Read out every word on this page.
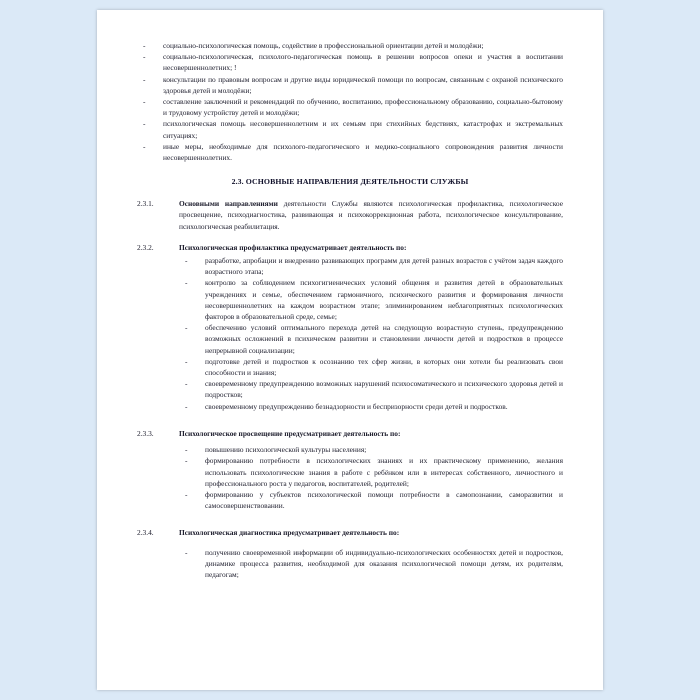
- социально-психологическая помощь, содействие в профессиональной ориентации детей и молодёжи;
- социально-психологическая, психолого-педагогическая помощь в решении вопросов опеки и участия в воспитании несовершеннолетних; !
- консультации по правовым вопросам и другие виды юридической помощи по вопросам, связанным с охраной психического здоровья детей и молодёжи;
- составление заключений и рекомендаций по обучению, воспитанию, профессиональному образованию, социально-бытовому и трудовому устройству детей и молодёжи;
- психологическая помощь несовершеннолетним и их семьям при стихийных бедствиях, катастрофах и экстремальных ситуациях;
- иные меры, необходимые для психолого-педагогического и медико-социального сопровождения развития личности несовершеннолетних.
2.3. ОСНОВНЫЕ НАПРАВЛЕНИЯ ДЕЯТЕЛЬНОСТИ СЛУЖБЫ
2.3.1.	Основными направлениями деятельности Службы являются психологическая профилактика, психологическое просвещение, психодиагностика, развивающая и психокоррекционная работа, психологическое консультирование, психологическая реабилитация.

2.3.2.	Психологическая профилактика предусматривает деятельность по:
- разработке, апробации и внедрению развивающих программ для детей разных возрастов с учётом задач каждого возрастного этапа;
- контролю за соблюдением психогигиенических условий общения и развития детей в образовательных учреждениях и семье, обеспечением гармоничного, психического развития и формирования личности несовершеннолетних на каждом возрастном этапе; элиминированием неблагоприятных психологических факторов в образовательной среде, семье;
- обеспечению условий оптимального перехода детей на следующую возрастную ступень, предупреждению возможных осложнений в психическом развитии и становлении личности детей и подростков в процессе непрерывной социализации;
- подготовке детей и подростков к осознанию тех сфер жизни, в которых они хотели бы реализовать свои способности и знания;
- своевременному предупреждению возможных нарушений психосоматического и психического здоровья детей и подростков;
- своевременному предупреждению безнадзорности и беспризорности среди детей и подростков.
2.3.3.	Психологическое просвещение предусматривает деятельность по:
- повышению психологической культуры населения;
- формированию потребности в психологических знаниях и их практическому применению, желания использовать психологические знания в работе с ребёнком или в интересах собственного, личностного и профессионального роста у педагогов, воспитателей, родителей;
- формированию у субъектов психологической помощи потребности в самопознании, саморазвитии и самосовершенствовании.
2.3.4.	Психологическая диагностика предусматривает деятельность по:
- получению своевременной информации об индивидуально-психологических особенностях детей и подростков, динамике процесса развития, необходимой для оказания психологической помощи детям, их родителям, педагогам;
